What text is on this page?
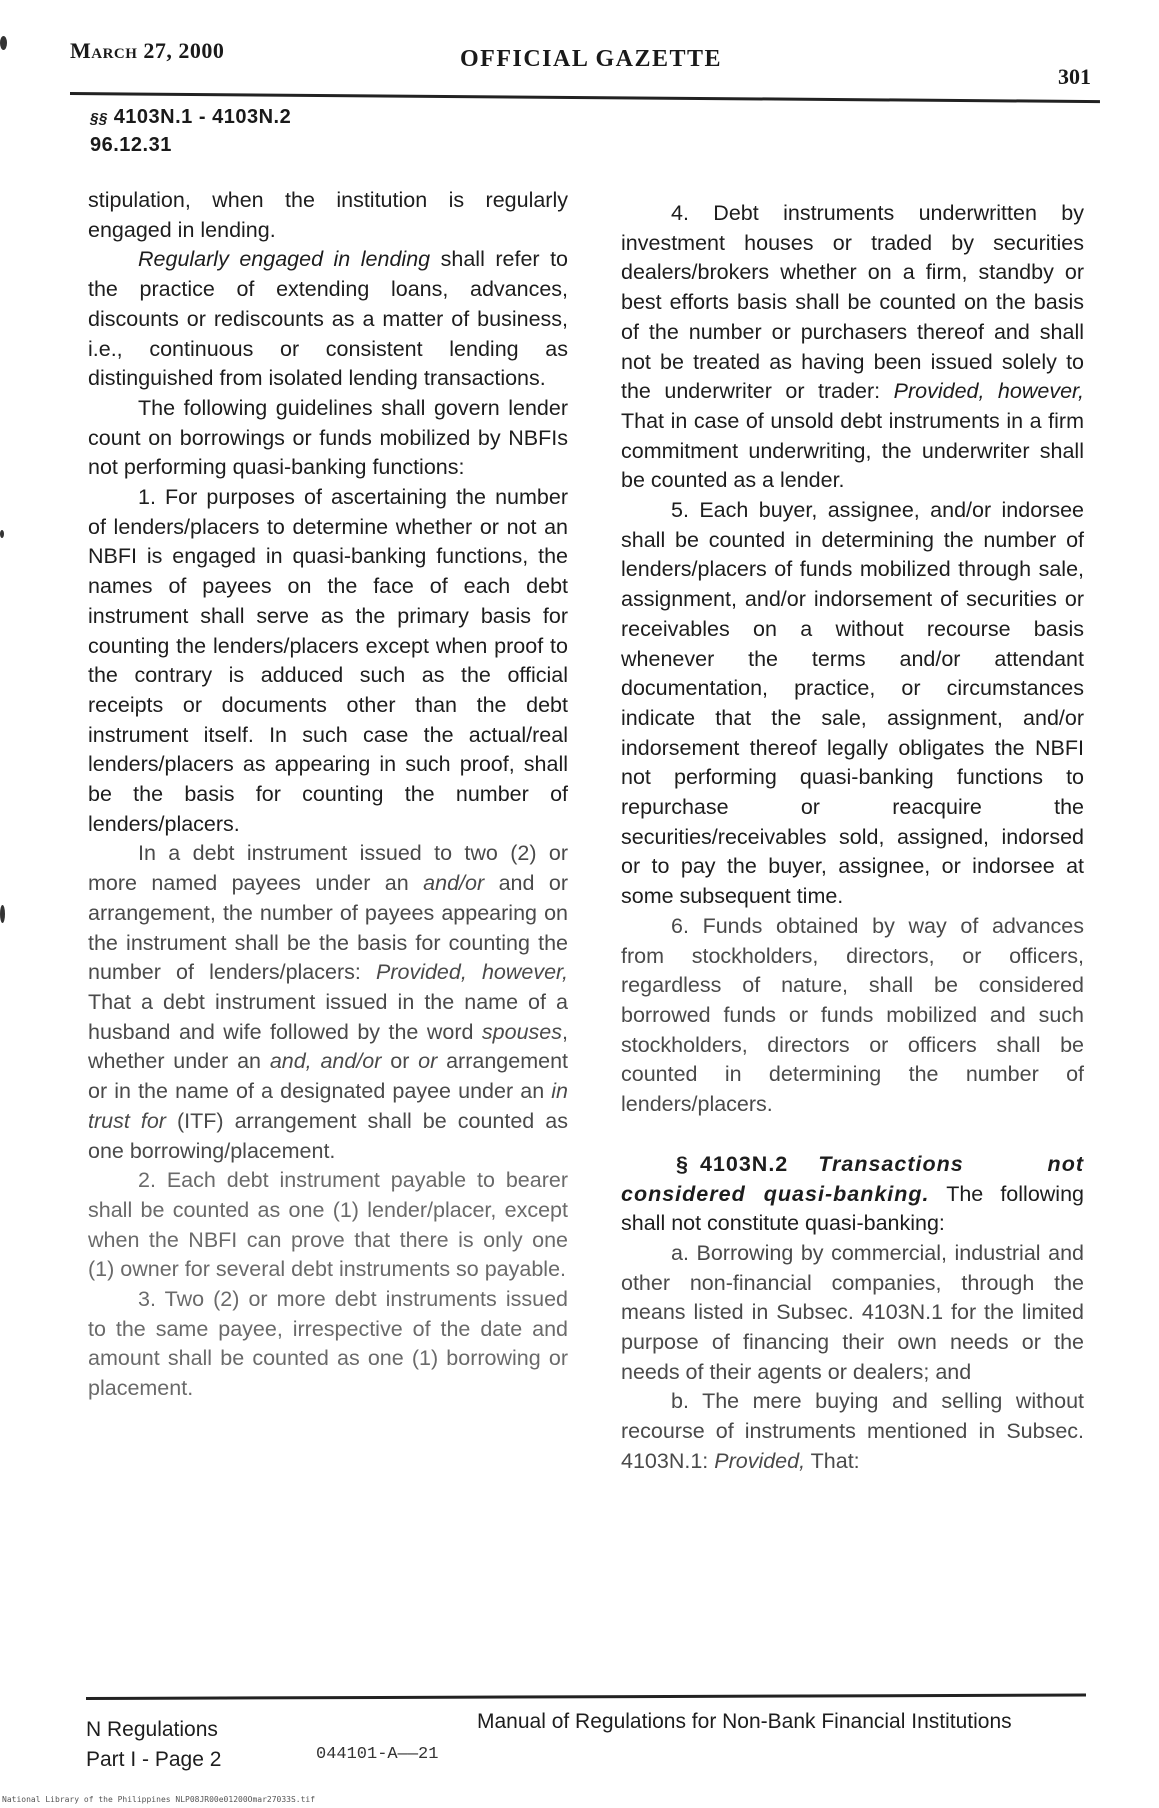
March 27, 2000	OFFICIAL GAZETTE
301
§§ 4103N.1 - 4103N.2
96.12.31

stipulation, when the institution is regularly engaged in lending.

Regularly engaged in lending shall refer to the practice of extending loans, advances, discounts or rediscounts as a matter of business, i.e., continuous or consistent lending as distinguished from isolated lending transactions.

The following guidelines shall govern lender count on borrowings or funds mobilized by NBFIs not performing quasi-banking functions:

1. For purposes of ascertaining the number of lenders/placers to determine whether or not an NBFI is engaged in quasi-banking functions, the names of payees on the face of each debt instrument shall serve as the primary basis for counting the lenders/placers except when proof to the contrary is adduced such as the official receipts or documents other than the debt instrument itself. In such case the actual/real lenders/placers as appearing in such proof, shall be the basis for counting the number of lenders/placers.

In a debt instrument issued to two (2) or more named payees under an and/or and or arrangement, the number of payees appearing on the instrument shall be the basis for counting the number of lenders/placers: Provided, however, That a debt instrument issued in the name of a husband and wife followed by the word spouses, whether under an and, and/or or or arrangement or in the name of a designated payee under an in trust for (ITF) arrangement shall be counted as one borrowing/placement.

2. Each debt instrument payable to bearer shall be counted as one (1) lender/placer, except when the NBFI can prove that there is only one (1) owner for several debt instruments so payable.

3. Two (2) or more debt instruments issued to the same payee, irrespective of the date and amount shall be counted as one (1) borrowing or placement.

4. Debt instruments underwritten by investment houses or traded by securities dealers/brokers whether on a firm, standby or best efforts basis shall be counted on the basis of the number or purchasers thereof and shall not be treated as having been issued solely to the underwriter or trader: Provided, however, That in case of unsold debt instruments in a firm commitment underwriting, the underwriter shall be counted as a lender.

5. Each buyer, assignee, and/or indorsee shall be counted in determining the number of lenders/placers of funds mobilized through sale, assignment, and/or indorsement of securities or receivables on a without recourse basis whenever the terms and/or attendant documentation, practice, or circumstances indicate that the sale, assignment, and/or indorsement thereof legally obligates the NBFI not performing quasi-banking functions to repurchase or reacquire the securities/receivables sold, assigned, indorsed or to pay the buyer, assignee, or indorsee at some subsequent time.

6. Funds obtained by way of advances from stockholders, directors, or officers, regardless of nature, shall be considered borrowed funds or funds mobilized and such stockholders, directors or officers shall be counted in determining the number of lenders/placers.

§ 4103N.2 Transactions not considered quasi-banking. The following shall not constitute quasi-banking:

a. Borrowing by commercial, industrial and other non-financial companies, through the means listed in Subsec. 4103N.1 for the limited purpose of financing their own needs or the needs of their agents or dealers; and

b. The mere buying and selling without recourse of instruments mentioned in Subsec. 4103N.1: Provided, That:

N Regulations
Part I - Page 2
Manual of Regulations for Non-Bank Financial Institutions
044101-A——21
National Library of the Philippines NLP08JR00e01200Omar27033S.tif
